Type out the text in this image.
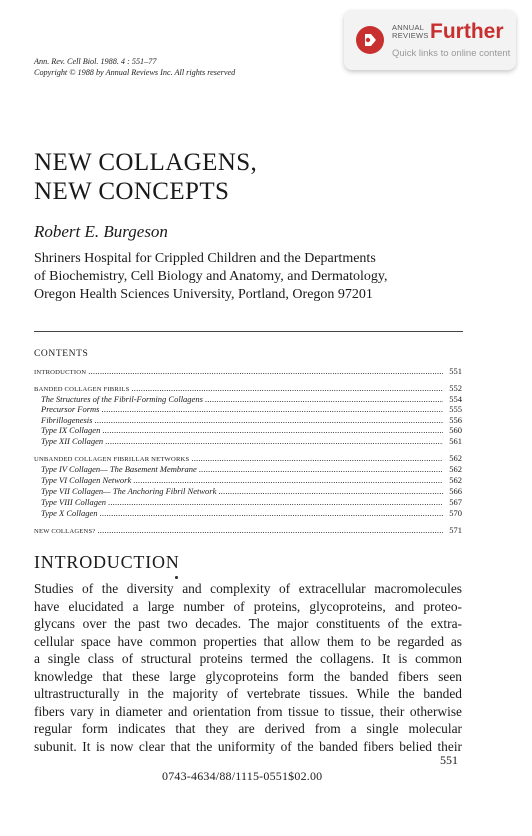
ANNUAL
REVIEWS Further
Quick links to online content
Ann. Rev. Cell Biol. 1988. 4 : 551–77
Copyright © 1988 by Annual Reviews Inc. All rights reserved
NEW COLLAGENS,
NEW CONCEPTS
Robert E. Burgeson
Shriners Hospital for Crippled Children and the Departments
of Biochemistry, Cell Biology and Anatomy, and Dermatology,
Oregon Health Sciences University, Portland, Oregon 97201
CONTENTS
INTRODUCTION .....	551
BANDED COLLAGEN FIBRILS .....	552
The Structures of the Fibril-Forming Collagens .....	554
Precursor Forms .....	555
Fibrillogenesis .....	556
Type IX Collagen .....	560
Type XII Collagen .....	561
UNBANDED COLLAGEN FIBRILLAR NETWORKS .....	562
Type IV Collagen— The Basement Membrane .....	562
Type VI Collagen Network .....	562
Type VII Collagen— The Anchoring Fibril Network .....	566
Type VIII Collagen .....	567
Type X Collagen .....	570
NEW COLLAGENS? .....	571
INTRODUCTION
Studies of the diversity and complexity of extracellular macromolecules
have elucidated a large number of proteins, glycoproteins, and proteo-
glycans over the past two decades. The major constituents of the extra-
cellular space have common properties that allow them to be regarded as
a single class of structural proteins termed the collagens. It is common
knowledge that these large glycoproteins form the banded fibers seen
ultrastructurally in the majority of vertebrate tissues. While the banded
fibers vary in diameter and orientation from tissue to tissue, their otherwise
regular form indicates that they are derived from a single molecular
subunit. It is now clear that the uniformity of the banded fibers belied their
551
0743-4634/88/1115-0551$02.00
